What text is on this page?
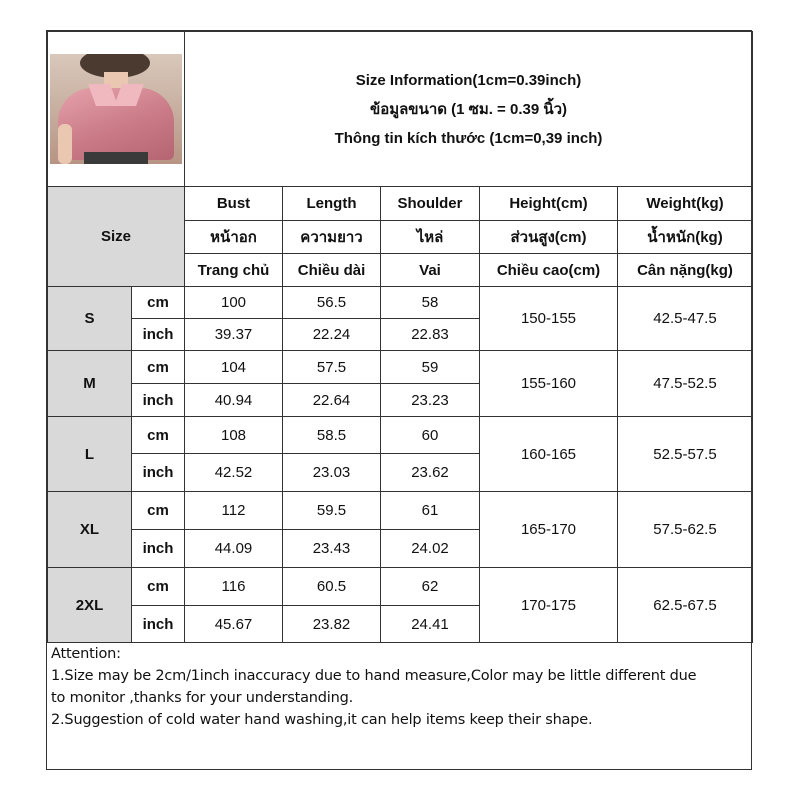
		Size Information(1cm=0.39inch)
ข้อมูลขนาด (1 ซม. = 0.39 นิ้ว)
Thông tin kích thước (1cm=0,39 inch)				

Size		Bust	Length	Shoulder	Height(cm)	Weight(kg)
		หน้าอก	ความยาว	ไหล่	ส่วนสูง(cm)	น้ำหนัก(kg)
		Trang chủ	Chiều dài	Vai	Chiều cao(cm)	Cân nặng(kg)
S	cm	100	56.5	58	150-155	42.5-47.5
	inch	39.37	22.24	22.83		
M	cm	104	57.5	59	155-160	47.5-52.5
	inch	40.94	22.64	23.23		
L	cm	108	58.5	60	160-165	52.5-57.5
	inch	42.52	23.03	23.62		
XL	cm	112	59.5	61	165-170	57.5-62.5
	inch	44.09	23.43	24.02		
2XL	cm	116	60.5	62	170-175	62.5-67.5
	inch	45.67	23.82	24.41		
Attention:
1.Size may be 2cm/1inch inaccuracy due to hand measure,Color may be little different due
to monitor ,thanks for your understanding.
2.Suggestion of cold water hand washing,it can help items keep their shape.
